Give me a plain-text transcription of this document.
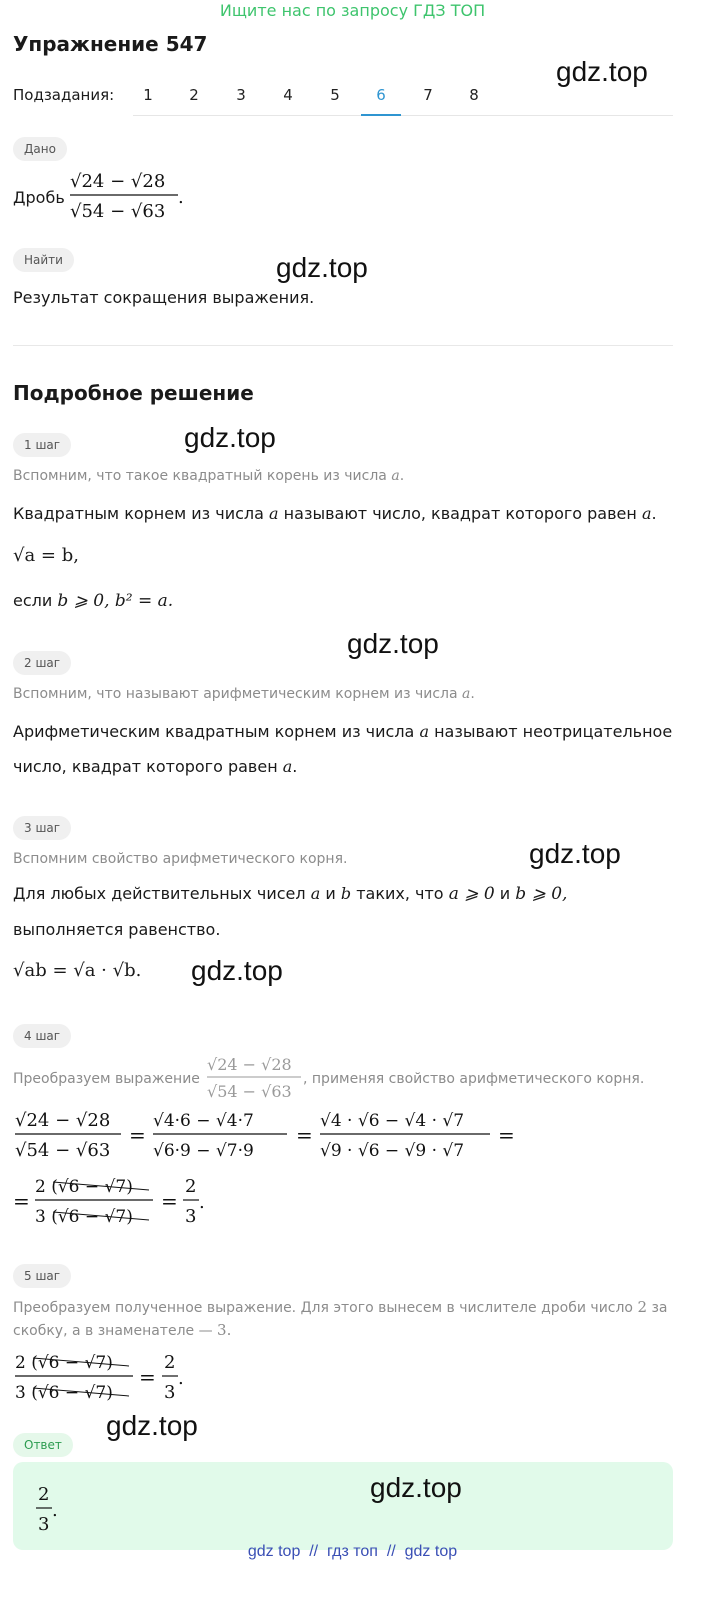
Ищите нас по запросу ГДЗ ТОП
Упражнение 547
Подзадания:	1	2	3	4	5	6	7	8
gdz.top
gdz.top
gdz.top
gdz.top
gdz.top
gdz.top
gdz.top
Дано
Дробь
√24 − √28
√54 − √63
.
Найти
Результат сокращения выражения.
Подробное решение
1 шаг
Вспомним, что такое квадратный корень из числа a.
Квадратным корнем из числа a называют число, квадрат которого равен a.
√a = b,
если b ⩾ 0, b² = a.
2 шаг
Вспомним, что называют арифметическим корнем из числа a.
Арифметическим квадратным корнем из числа a называют неотрицательное
число, квадрат которого равен a.
3 шаг
Вспомним свойство арифметического корня.
Для любых действительных чисел a и b таких, что a ⩾ 0 и b ⩾ 0,
выполняется равенство.
√ab = √a · √b.
4 шаг
Преобразуем выражение
√24 − √28
√54 − √63
, применяя свойство арифметического корня.
√24 − √28
√54 − √63
=
√4·6 − √4·7
√6·9 − √7·9
=
√4 · √6 − √4 · √7
√9 · √6 − √9 · √7
=
=
2 (√6 − √7)
3 (√6 − √7)
=
2
3
.
5 шаг
Преобразуем полученное выражение. Для этого вынесем в числителе дроби число 2 за
скобку, а в знаменателе — 3.
2 (√6 − √7)
3 (√6 − √7)
=
2
3
.
Ответ
2
3
.
gdz.top
gdz top  //  гдз топ  //  gdz top
